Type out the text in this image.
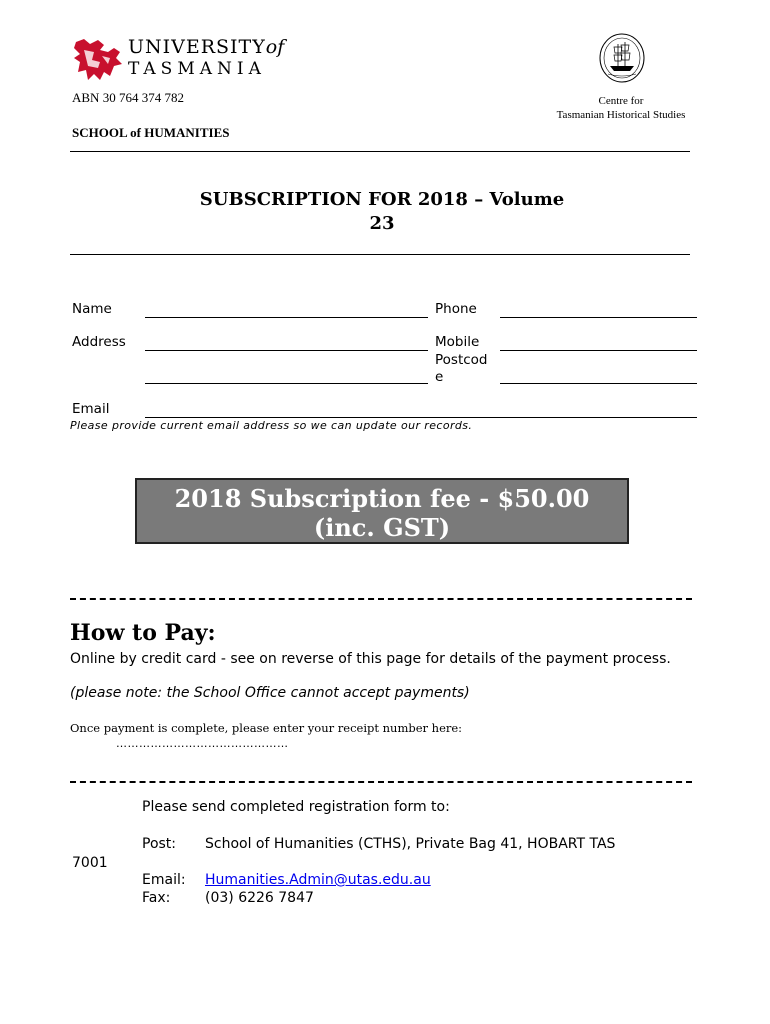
UNIVERSITYof
TASMANIA
ABN 30 764 374 782
SCHOOL of HUMANITIES
Centre for
Tasmanian Historical Studies
SUBSCRIPTION FOR 2018 – Volume
23
Name	Phone
Address	Mobile
Postcod
e
Email
Please provide current email address so we can update our records.
2018 Subscription fee - $50.00
(inc. GST)
How to Pay:
Online by credit card - see on reverse of this page for details of the payment process.
(please note: the School Office cannot accept payments)
Once payment is complete, please enter your receipt number here:
………………………………………
Please send completed registration form to:
Post: School of Humanities (CTHS), Private Bag 41, HOBART TAS
7001
Email: Humanities.Admin@utas.edu.au
Fax: (03) 6226 7847
